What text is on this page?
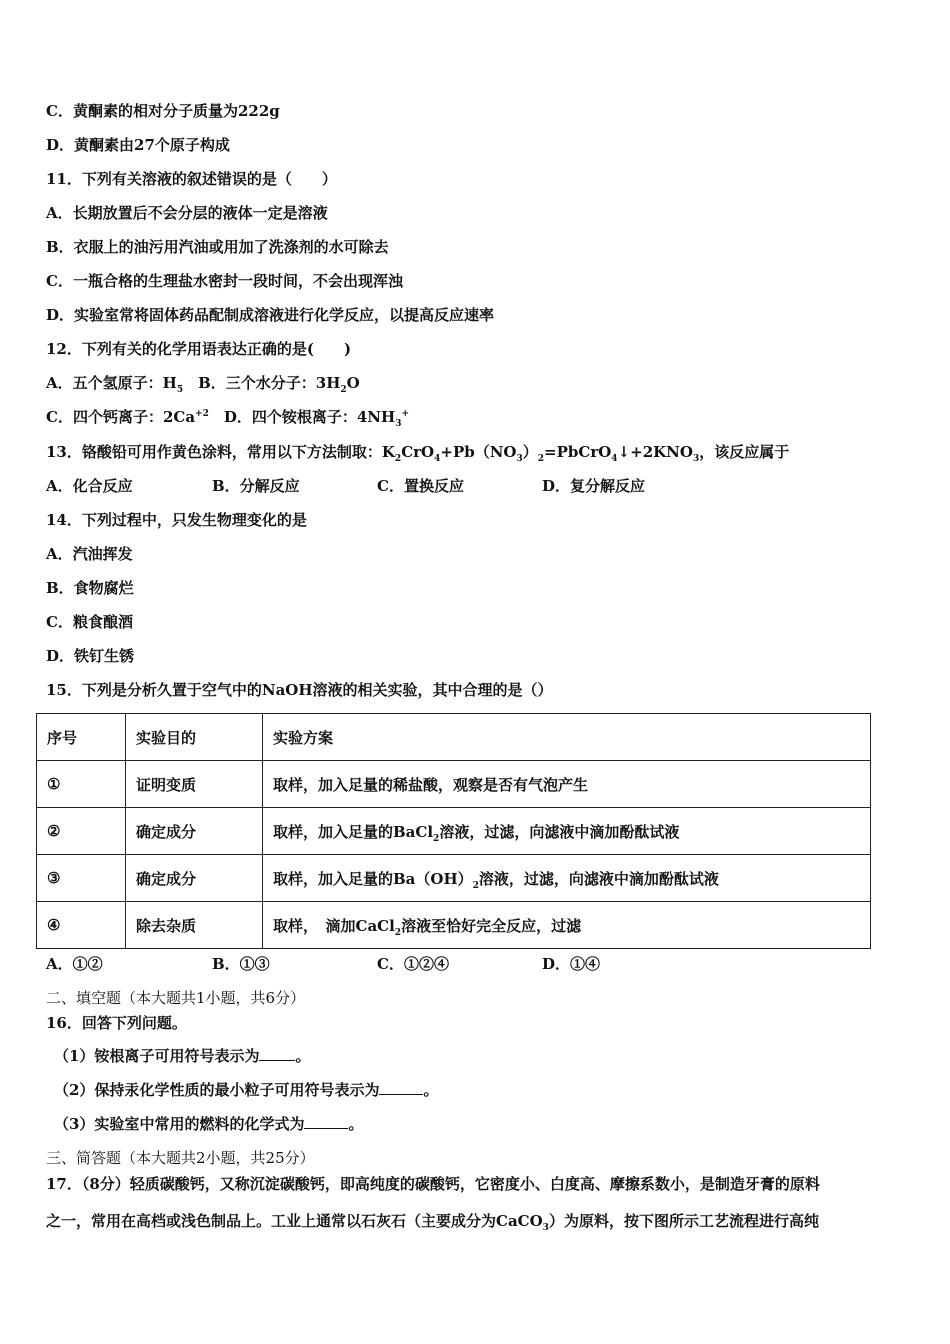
C．黄酮素的相对分子质量为222g
D．黄酮素由27个原子构成
11．下列有关溶液的叙述错误的是（　　）
A．长期放置后不会分层的液体一定是溶液
B．衣服上的油污用汽油或用加了洗涤剂的水可除去
C．一瓶合格的生理盐水密封一段时间，不会出现浑浊
D．实验室常将固体药品配制成溶液进行化学反应，以提高反应速率
12．下列有关的化学用语表达正确的是(　　)
A．五个氢原子：$H_5$　B．三个水分子：$3H_2O$
C．四个钙离子：$2Ca^{+2}$　D．四个铵根离子：$4NH_3^+$
13．铬酸铅可用作黄色涂料，常用以下方法制取：$K_2CrO_4+Pb(NO_3)_2=PbCrO_4↓+2KNO_3$，该反应属于
A．化合反应	B．分解反应	C．置换反应	D．复分解反应
14．下列过程中，只发生物理变化的是
A．汽油挥发
B．食物腐烂
C．粮食酿酒
D．铁钉生锈
15．下列是分析久置于空气中的NaOH溶液的相关实验，其中合理的是（）
序号	实验目的	实验方案
①	证明变质	取样，加入足量的稀盐酸，观察是否有气泡产生
②	确定成分	取样，加入足量的BaCl$_2$溶液，过滤，向滤液中滴加酚酞试液
③	确定成分	取样，加入足量的$Ba(OH)_2$溶液，过滤，向滤液中滴加酚酞试液
④	除去杂质	取样，　滴加CaCl$_2$溶液至恰好完全反应，过滤
A．①②	B．①③	C．①②④	D．①④
二、填空题（本大题共1小题，共6分）
16．回答下列问题。
（1）铵根离子可用符号表示为 。
（2）保持汞化学性质的最小粒子可用符号表示为	。
（3）实验室中常用的燃料的化学式为	。
三、简答题（本大题共2小题，共25分）
17．（8分）轻质碳酸钙，又称沉淀碳酸钙，即高纯度的碳酸钙，它密度小、白度高、摩擦系数小，是制造牙膏的原料
之一，常用在高档或浅色制品上。工业上通常以石灰石（主要成分为CaCO$_3$）为原料，按下图所示工艺流程进行高纯
